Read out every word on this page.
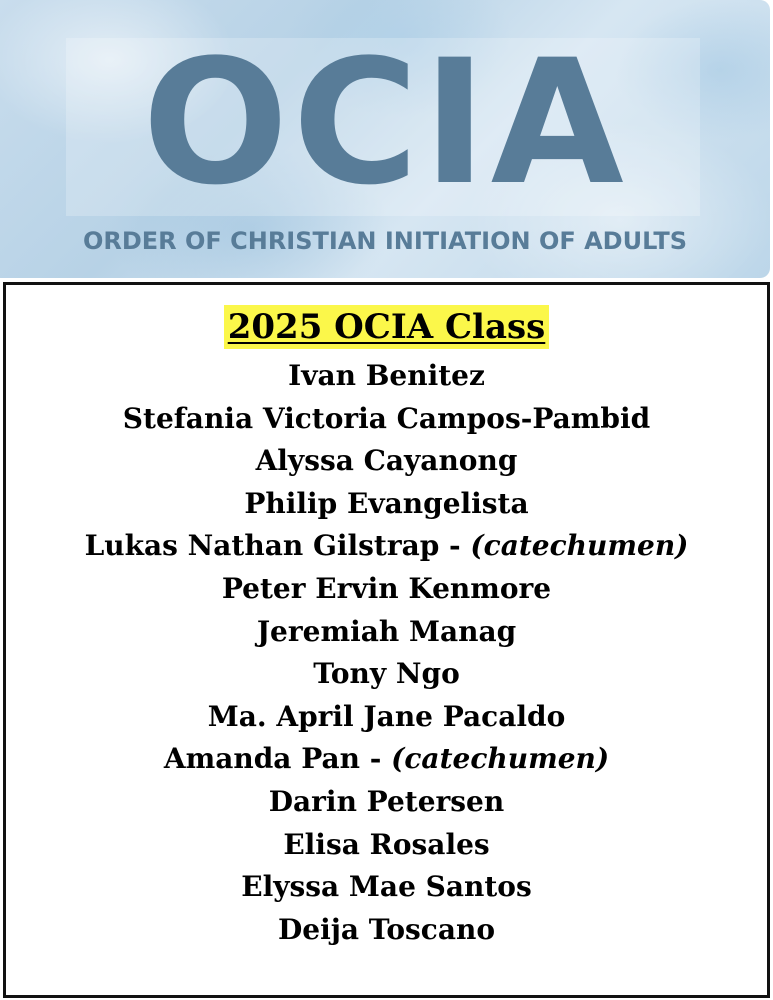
OCIA
ORDER OF CHRISTIAN INITIATION OF ADULTS
2025 OCIA Class
Ivan Benitez
Stefania Victoria Campos-Pambid
Alyssa Cayanong
Philip Evangelista
Lukas Nathan Gilstrap - (catechumen)
Peter Ervin Kenmore
Jeremiah Manag
Tony Ngo
Ma. April Jane Pacaldo
Amanda Pan - (catechumen)
Darin Petersen
Elisa Rosales
Elyssa Mae Santos
Deija Toscano
